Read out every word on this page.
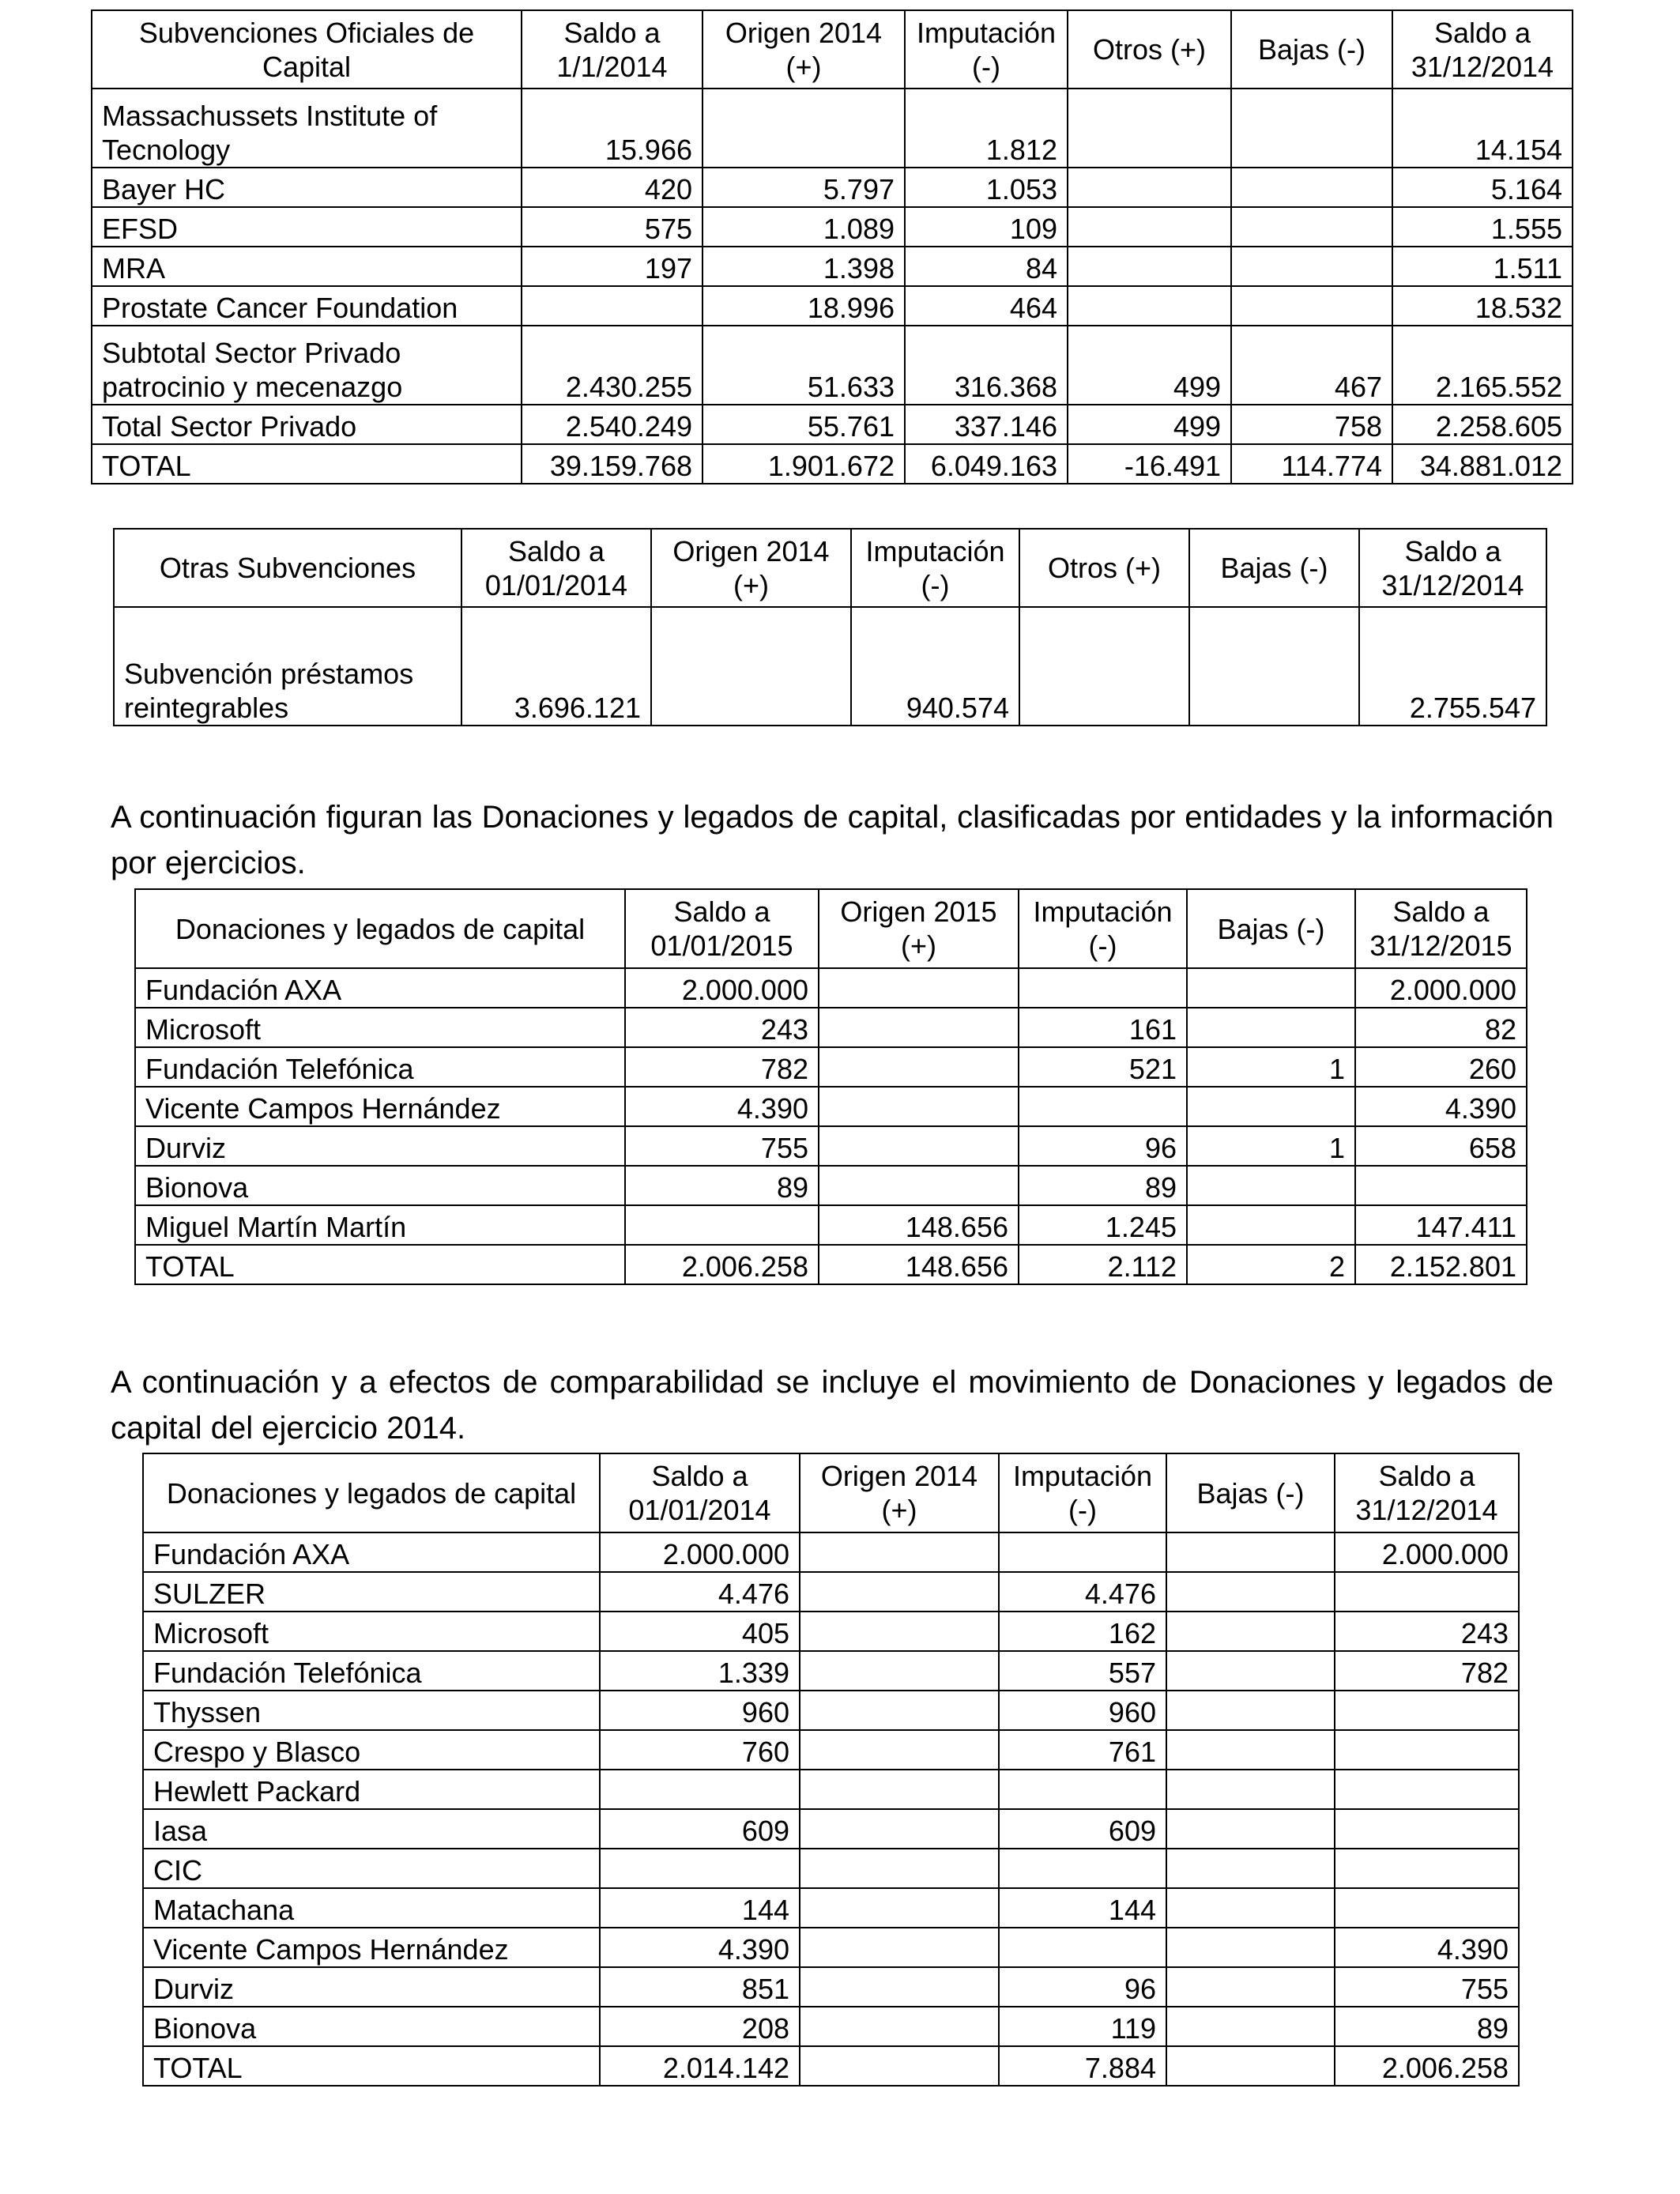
Subvenciones Oficiales de Capital	Saldo a 1/1/2014	Origen 2014 (+)	Imputación (-)	Otros (+)	Bajas (-)	Saldo a 31/12/2014
Massachussets Institute of Tecnology	15.966		1.812			14.154
Bayer HC	420	5.797	1.053			5.164
EFSD	575	1.089	109			1.555
MRA	197	1.398	84			1.511
Prostate Cancer Foundation		18.996	464			18.532
Subtotal Sector Privado patrocinio y mecenazgo	2.430.255	51.633	316.368	499	467	2.165.552
Total Sector Privado	2.540.249	55.761	337.146	499	758	2.258.605
TOTAL	39.159.768	1.901.672	6.049.163	-16.491	114.774	34.881.012
Otras Subvenciones	Saldo a 01/01/2014	Origen 2014 (+)	Imputación (-)	Otros (+)	Bajas (-)	Saldo a 31/12/2014
Subvención préstamos reintegrables	3.696.121		940.574			2.755.547

A continuación figuran las Donaciones y legados de capital, clasificadas por entidades y la información por ejercicios.

Donaciones y legados de capital	Saldo a 01/01/2015	Origen 2015 (+)	Imputación (-)	Bajas (-)	Saldo a 31/12/2015
Fundación AXA	2.000.000				2.000.000
Microsoft	243		161		82
Fundación Telefónica	782		521	1	260
Vicente Campos Hernández	4.390				4.390
Durviz	755		96	1	658
Bionova	89		89		
Miguel Martín Martín		148.656	1.245		147.411
TOTAL	2.006.258	148.656	2.112	2	2.152.801

A continuación y a efectos de comparabilidad se incluye el movimiento de Donaciones y legados de capital del ejercicio 2014.

Donaciones y legados de capital	Saldo a 01/01/2014	Origen 2014 (+)	Imputación (-)	Bajas (-)	Saldo a 31/12/2014
Fundación AXA	2.000.000				2.000.000
SULZER	4.476		4.476		
Microsoft	405		162		243
Fundación Telefónica	1.339		557		782
Thyssen	960		960		
Crespo y Blasco	760		761		
Hewlett Packard					
Iasa	609		609		
CIC					
Matachana	144		144		
Vicente Campos Hernández	4.390				4.390
Durviz	851		96		755
Bionova	208		119		89
TOTAL	2.014.142		7.884		2.006.258
